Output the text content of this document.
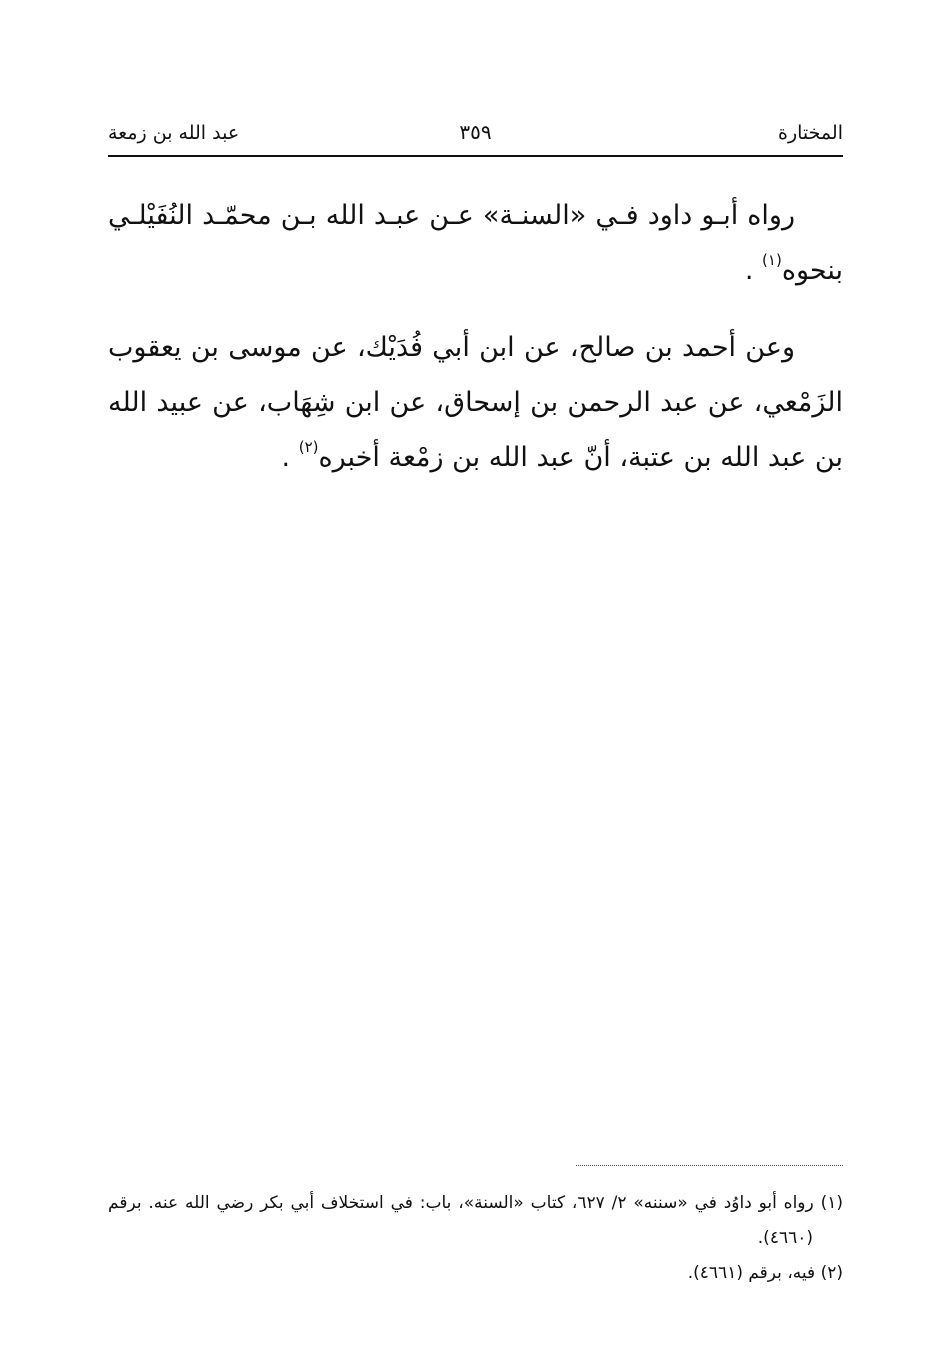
المختارة
٣٥٩
عبد الله بن زمعة

رواه أبـو داود فـي «السنـة» عـن عبـد الله بـن محمّـد النُفَيْلـي بنحوه$^{(١)}$ .

وعن أحمد بن صالح، عن ابن أبي فُدَيْك، عن موسى بن يعقوب الزَمْعي، عن عبد الرحمن بن إسحاق، عن ابن شِهَاب، عن عبيد الله بن عبد الله بن عتبة، أنّ عبد الله بن زمْعة أخبره$^{(٢)}$ .

(١) رواه أبو داوُد في «سننه» ٢/ ٦٢٧، كتاب «السنة»، باب: في استخلاف أبي بكر رضي الله عنه. برقم (٤٦٦٠).

(٢) فيه، برقم (٤٦٦١).
